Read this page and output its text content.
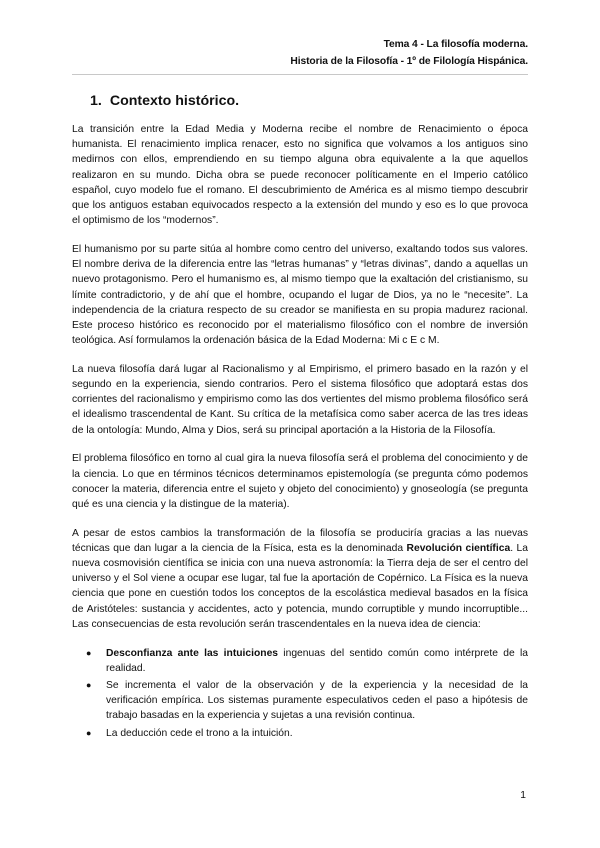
Tema 4 - La filosofía moderna.
Historia de la Filosofía - 1º de Filología Hispánica.
1. Contexto histórico.

La transición entre la Edad Media y Moderna recibe el nombre de Renacimiento o época humanista. El renacimiento implica renacer, esto no significa que volvamos a los antiguos sino medirnos con ellos, emprendiendo en su tiempo alguna obra equivalente a la que aquellos realizaron en su mundo. Dicha obra se puede reconocer políticamente en el Imperio católico español, cuyo modelo fue el romano. El descubrimiento de América es al mismo tiempo descubrir que los antiguos estaban equivocados respecto a la extensión del mundo y eso es lo que provoca el optimismo de los “modernos”.

El humanismo por su parte sitúa al hombre como centro del universo, exaltando todos sus valores. El nombre deriva de la diferencia entre las “letras humanas” y “letras divinas”, dando a aquellas un nuevo protagonismo. Pero el humanismo es, al mismo tiempo que la exaltación del cristianismo, su límite contradictorio, y de ahí que el hombre, ocupando el lugar de Dios, ya no le “necesite”. La independencia de la criatura respecto de su creador se manifiesta en su propia madurez racional. Este proceso histórico es reconocido por el materialismo filosófico con el nombre de inversión teológica. Así formulamos la ordenación básica de la Edad Moderna: Mi c E c M.

La nueva filosofía dará lugar al Racionalismo y al Empirismo, el primero basado en la razón y el segundo en la experiencia, siendo contrarios. Pero el sistema filosófico que adoptará estas dos corrientes del racionalismo y empirismo como las dos vertientes del mismo problema filosófico será el idealismo trascendental de Kant. Su crítica de la metafísica como saber acerca de las tres ideas de la ontología: Mundo, Alma y Dios, será su principal aportación a la Historia de la Filosofía.

El problema filosófico en torno al cual gira la nueva filosofía será el problema del conocimiento y de la ciencia. Lo que en términos técnicos determinamos epistemología (se pregunta cómo podemos conocer la materia, diferencia entre el sujeto y objeto del conocimiento) y gnoseología (se pregunta qué es una ciencia y la distingue de la materia).

A pesar de estos cambios la transformación de la filosofía se produciría gracias a las nuevas técnicas que dan lugar a la ciencia de la Física, esta es la denominada Revolución científica. La nueva cosmovisión científica se inicia con una nueva astronomía: la Tierra deja de ser el centro del universo y el Sol viene a ocupar ese lugar, tal fue la aportación de Copérnico. La Física es la nueva ciencia que pone en cuestión todos los conceptos de la escolástica medieval basados en la física de Aristóteles: sustancia y accidentes, acto y potencia, mundo corruptible y mundo incorruptible... Las consecuencias de esta revolución serán trascendentales en la nueva idea de ciencia:

● Desconfianza ante las intuiciones ingenuas del sentido común como intérprete de la realidad.
● Se incrementa el valor de la observación y de la experiencia y la necesidad de la verificación empírica. Los sistemas puramente especulativos ceden el paso a hipótesis de trabajo basadas en la experiencia y sujetas a una revisión continua.
● La deducción cede el trono a la intuición.
1
